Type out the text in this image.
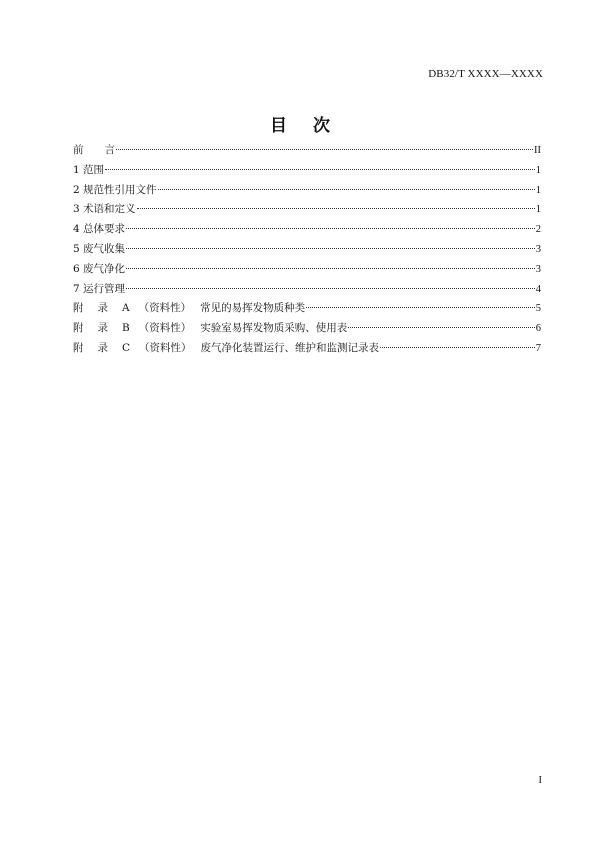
DB32/T XXXX—XXXX
目 次
前　　言	II
1 范围	1
2 规范性引用文件	1
3 术语和定义	1
4 总体要求	2
5 废气收集	3
6 废气净化	3
7 运行管理	4
附 录 A （资料性） 常见的易挥发物质种类	5
附 录 B （资料性） 实验室易挥发物质采购、使用表	6
附 录 C （资料性） 废气净化装置运行、维护和监测记录表	7
I
